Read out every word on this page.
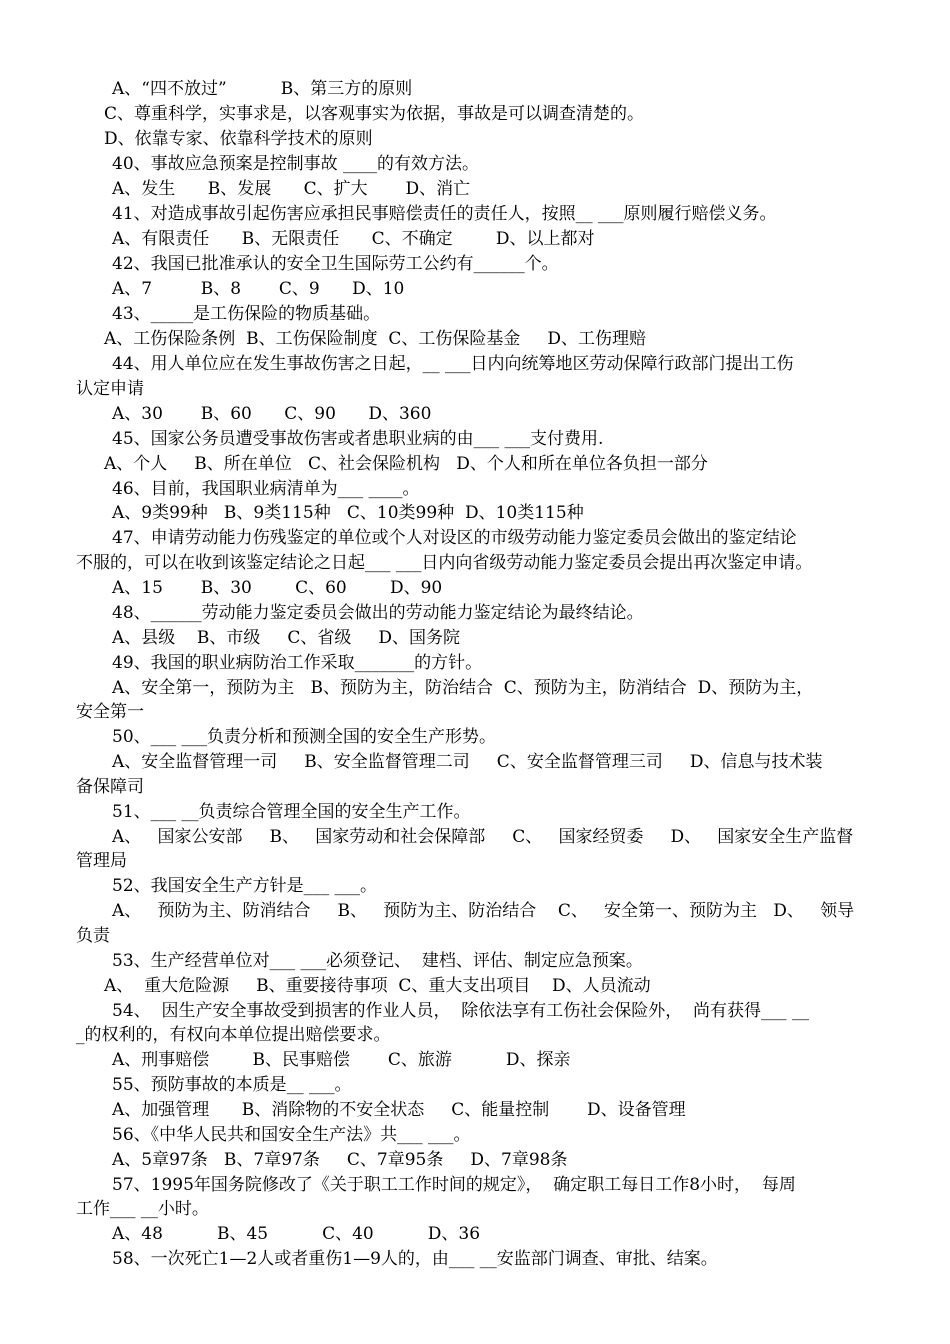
A、“四不放过”          B、第三方的原则
C、尊重科学，实事求是，以客观事实为依据，事故是可以调查清楚的。
D、依靠专家、依靠科学技术的原则
40、事故应急预案是控制事故 ____的有效方法。
A、发生      B、发展      C、扩大       D、消亡
41、对造成事故引起伤害应承担民事赔偿责任的责任人，按照__ ___原则履行赔偿义务。
A、有限责任      B、无限责任      C、不确定        D、以上都对
42、我国已批准承认的安全卫生国际劳工公约有______个。
A、7         B、8       C、9      D、10
43、_____是工伤保险的物质基础。
A、工伤保险条例  B、工伤保险制度  C、工伤保险基金     D、工伤理赔
44、用人单位应在发生事故伤害之日起，__ ___日内向统筹地区劳动保障行政部门提出工伤
认定申请
A、30       B、60      C、90      D、360
45、国家公务员遭受事故伤害或者患职业病的由___ ___支付费用.
A、个人     B、所在单位   C、社会保险机构   D、个人和所在单位各负担一部分
46、目前，我国职业病清单为___ ____。
A、9类99种   B、9类115种   C、10类99种  D、10类115种
47、申请劳动能力伤残鉴定的单位或个人对设区的市级劳动能力鉴定委员会做出的鉴定结论
不服的，可以在收到该鉴定结论之日起___ ___日内向省级劳动能力鉴定委员会提出再次鉴定申请。
A、15       B、30        C、60        D、90
48、______劳动能力鉴定委员会做出的劳动能力鉴定结论为最终结论。
A、县级    B、市级     C、省级     D、国务院
49、我国的职业病防治工作采取_______的方针。
A、安全第一，预防为主   B、预防为主，防治结合  C、预防为主，防消结合  D、预防为主，
安全第一
50、___ ___负责分析和预测全国的安全生产形势。
A、安全监督管理一司     B、安全监督管理二司     C、安全监督管理三司     D、信息与技术装
备保障司
51、___ __负责综合管理全国的安全生产工作。
A、   国家公安部     B、   国家劳动和社会保障部     C、   国家经贸委     D、   国家安全生产监督
管理局
52、我国安全生产方针是___ ___。
A、   预防为主、防消结合     B、   预防为主、防治结合    C、   安全第一、预防为主   D、   领导
负责
53、生产经营单位对___ ___必须登记、  建档、评估、制定应急预案。
A、  重大危险源     B、重要接待事项  C、重大支出项目    D、人员流动
54、  因生产安全事故受到损害的作业人员，  除依法享有工伤社会保险外，  尚有获得___ __
_的权利的，有权向本单位提出赔偿要求。
A、刑事赔偿        B、民事赔偿       C、旅游          D、探亲
55、预防事故的本质是__ ___。
A、加强管理      B、消除物的不安全状态     C、能量控制       D、设备管理
56、《中华人民共和国安全生产法》共___ ___。
A、5章97条   B、7章97条     C、7章95条     D、7章98条
57、1995年国务院修改了《关于职工工作时间的规定》，  确定职工每日工作8小时，  每周
工作___ __小时。
A、48          B、45          C、40          D、36
58、一次死亡1—2人或者重伤1—9人的，由___ __安监部门调查、审批、结案。
